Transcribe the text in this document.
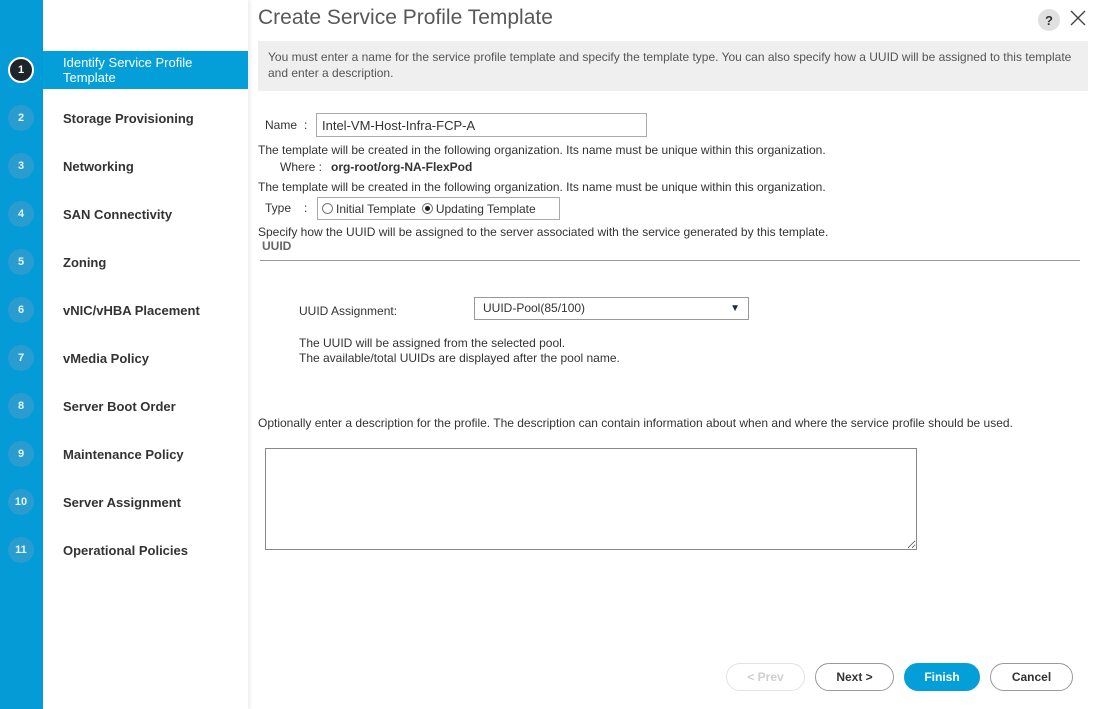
1	Identify Service Profile Template
2	Storage Provisioning
3	Networking
4	SAN Connectivity
5	Zoning
6	vNIC/vHBA Placement
7	vMedia Policy
8	Server Boot Order
9	Maintenance Policy
10	Server Assignment
11	Operational Policies
Create Service Profile Template	?
You must enter a name for the service profile template and specify the template type. You can also specify how a UUID will be assigned to this template and enter a description.
Name :
Intel-VM-Host-Infra-FCP-A
The template will be created in the following organization. Its name must be unique within this organization.
Where : org-root/org-NA-FlexPod
The template will be created in the following organization. Its name must be unique within this organization.
Type : Initial Template Updating Template
Specify how the UUID will be assigned to the server associated with the service generated by this template.
UUID
UUID Assignment:	UUID-Pool(85/100)	▼
The UUID will be assigned from the selected pool.
The available/total UUIDs are displayed after the pool name.
Optionally enter a description for the profile. The description can contain information about when and where the service profile should be used.
< Prev	Next >	Finish	Cancel
